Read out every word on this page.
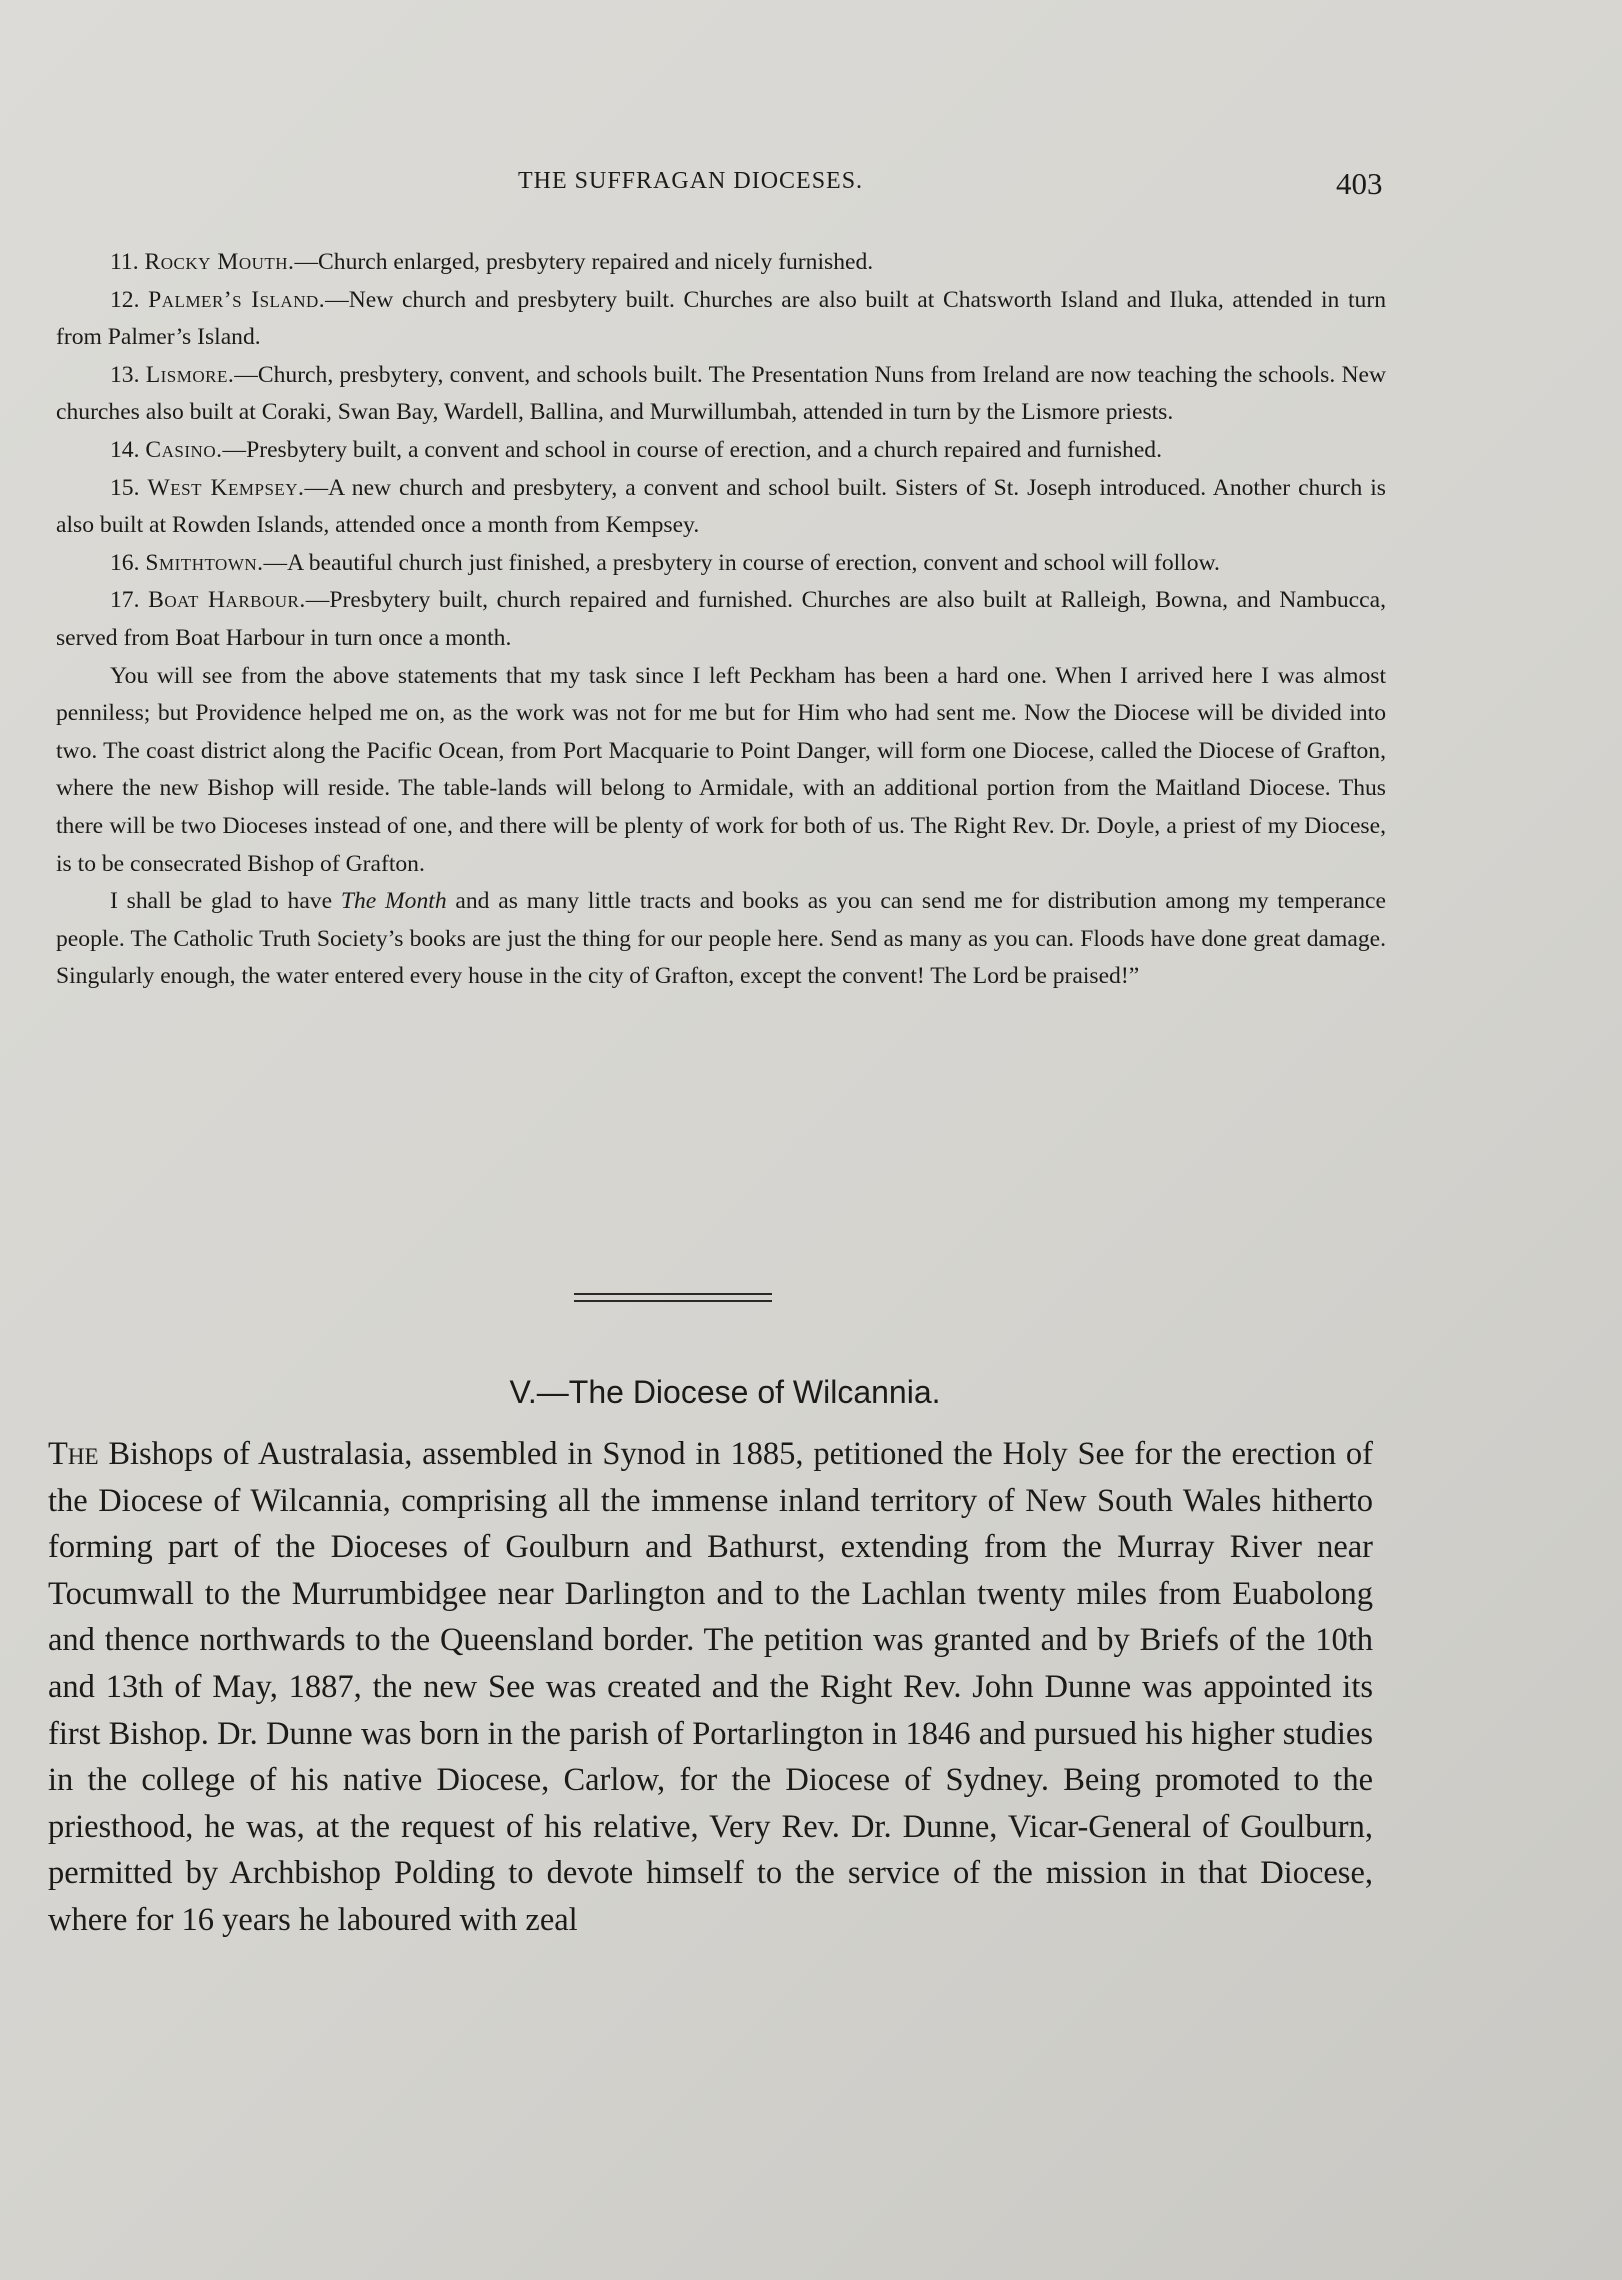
THE SUFFRAGAN DIOCESES.	403

11. Rocky Mouth.—Church enlarged, presbytery repaired and nicely furnished.

12. Palmer’s Island.—New church and presbytery built. Churches are also built at Chatsworth Island and Iluka, attended in turn from Palmer’s Island.

13. Lismore.—Church, presbytery, convent, and schools built. The Presentation Nuns from Ireland are now teaching the schools. New churches also built at Coraki, Swan Bay, Wardell, Ballina, and Murwillumbah, attended in turn by the Lismore priests.

14. Casino.—Presbytery built, a convent and school in course of erection, and a church repaired and furnished.

15. West Kempsey.—A new church and presbytery, a convent and school built. Sisters of St. Joseph introduced. Another church is also built at Rowden Islands, attended once a month from Kempsey.

16. Smithtown.—A beautiful church just finished, a presbytery in course of erection, convent and school will follow.

17. Boat Harbour.—Presbytery built, church repaired and furnished. Churches are also built at Ralleigh, Bowna, and Nambucca, served from Boat Harbour in turn once a month.

You will see from the above statements that my task since I left Peckham has been a hard one. When I arrived here I was almost penniless; but Providence helped me on, as the work was not for me but for Him who had sent me. Now the Diocese will be divided into two. The coast district along the Pacific Ocean, from Port Macquarie to Point Danger, will form one Diocese, called the Diocese of Grafton, where the new Bishop will reside. The table-lands will belong to Armidale, with an additional portion from the Maitland Diocese. Thus there will be two Dioceses instead of one, and there will be plenty of work for both of us. The Right Rev. Dr. Doyle, a priest of my Diocese, is to be consecrated Bishop of Grafton.

I shall be glad to have The Month and as many little tracts and books as you can send me for distribution among my temperance people. The Catholic Truth Society’s books are just the thing for our people here. Send as many as you can. Floods have done great damage. Singularly enough, the water entered every house in the city of Grafton, except the convent! The Lord be praised!”

V.—The Diocese of Wilcannia.

The Bishops of Australasia, assembled in Synod in 1885, petitioned the Holy See for the erection of the Diocese of Wilcannia, comprising all the immense inland territory of New South Wales hitherto forming part of the Dioceses of Goulburn and Bathurst, extending from the Murray River near Tocumwall to the Murrumbidgee near Darlington and to the Lachlan twenty miles from Euabolong and thence northwards to the Queensland border. The petition was granted and by Briefs of the 10th and 13th of May, 1887, the new See was created and the Right Rev. John Dunne was appointed its first Bishop. Dr. Dunne was born in the parish of Portarlington in 1846 and pursued his higher studies in the college of his native Diocese, Carlow, for the Diocese of Sydney. Being promoted to the priesthood, he was, at the request of his relative, Very Rev. Dr. Dunne, Vicar-General of Goulburn, permitted by Archbishop Polding to devote himself to the service of the mission in that Diocese, where for 16 years he laboured with zeal
